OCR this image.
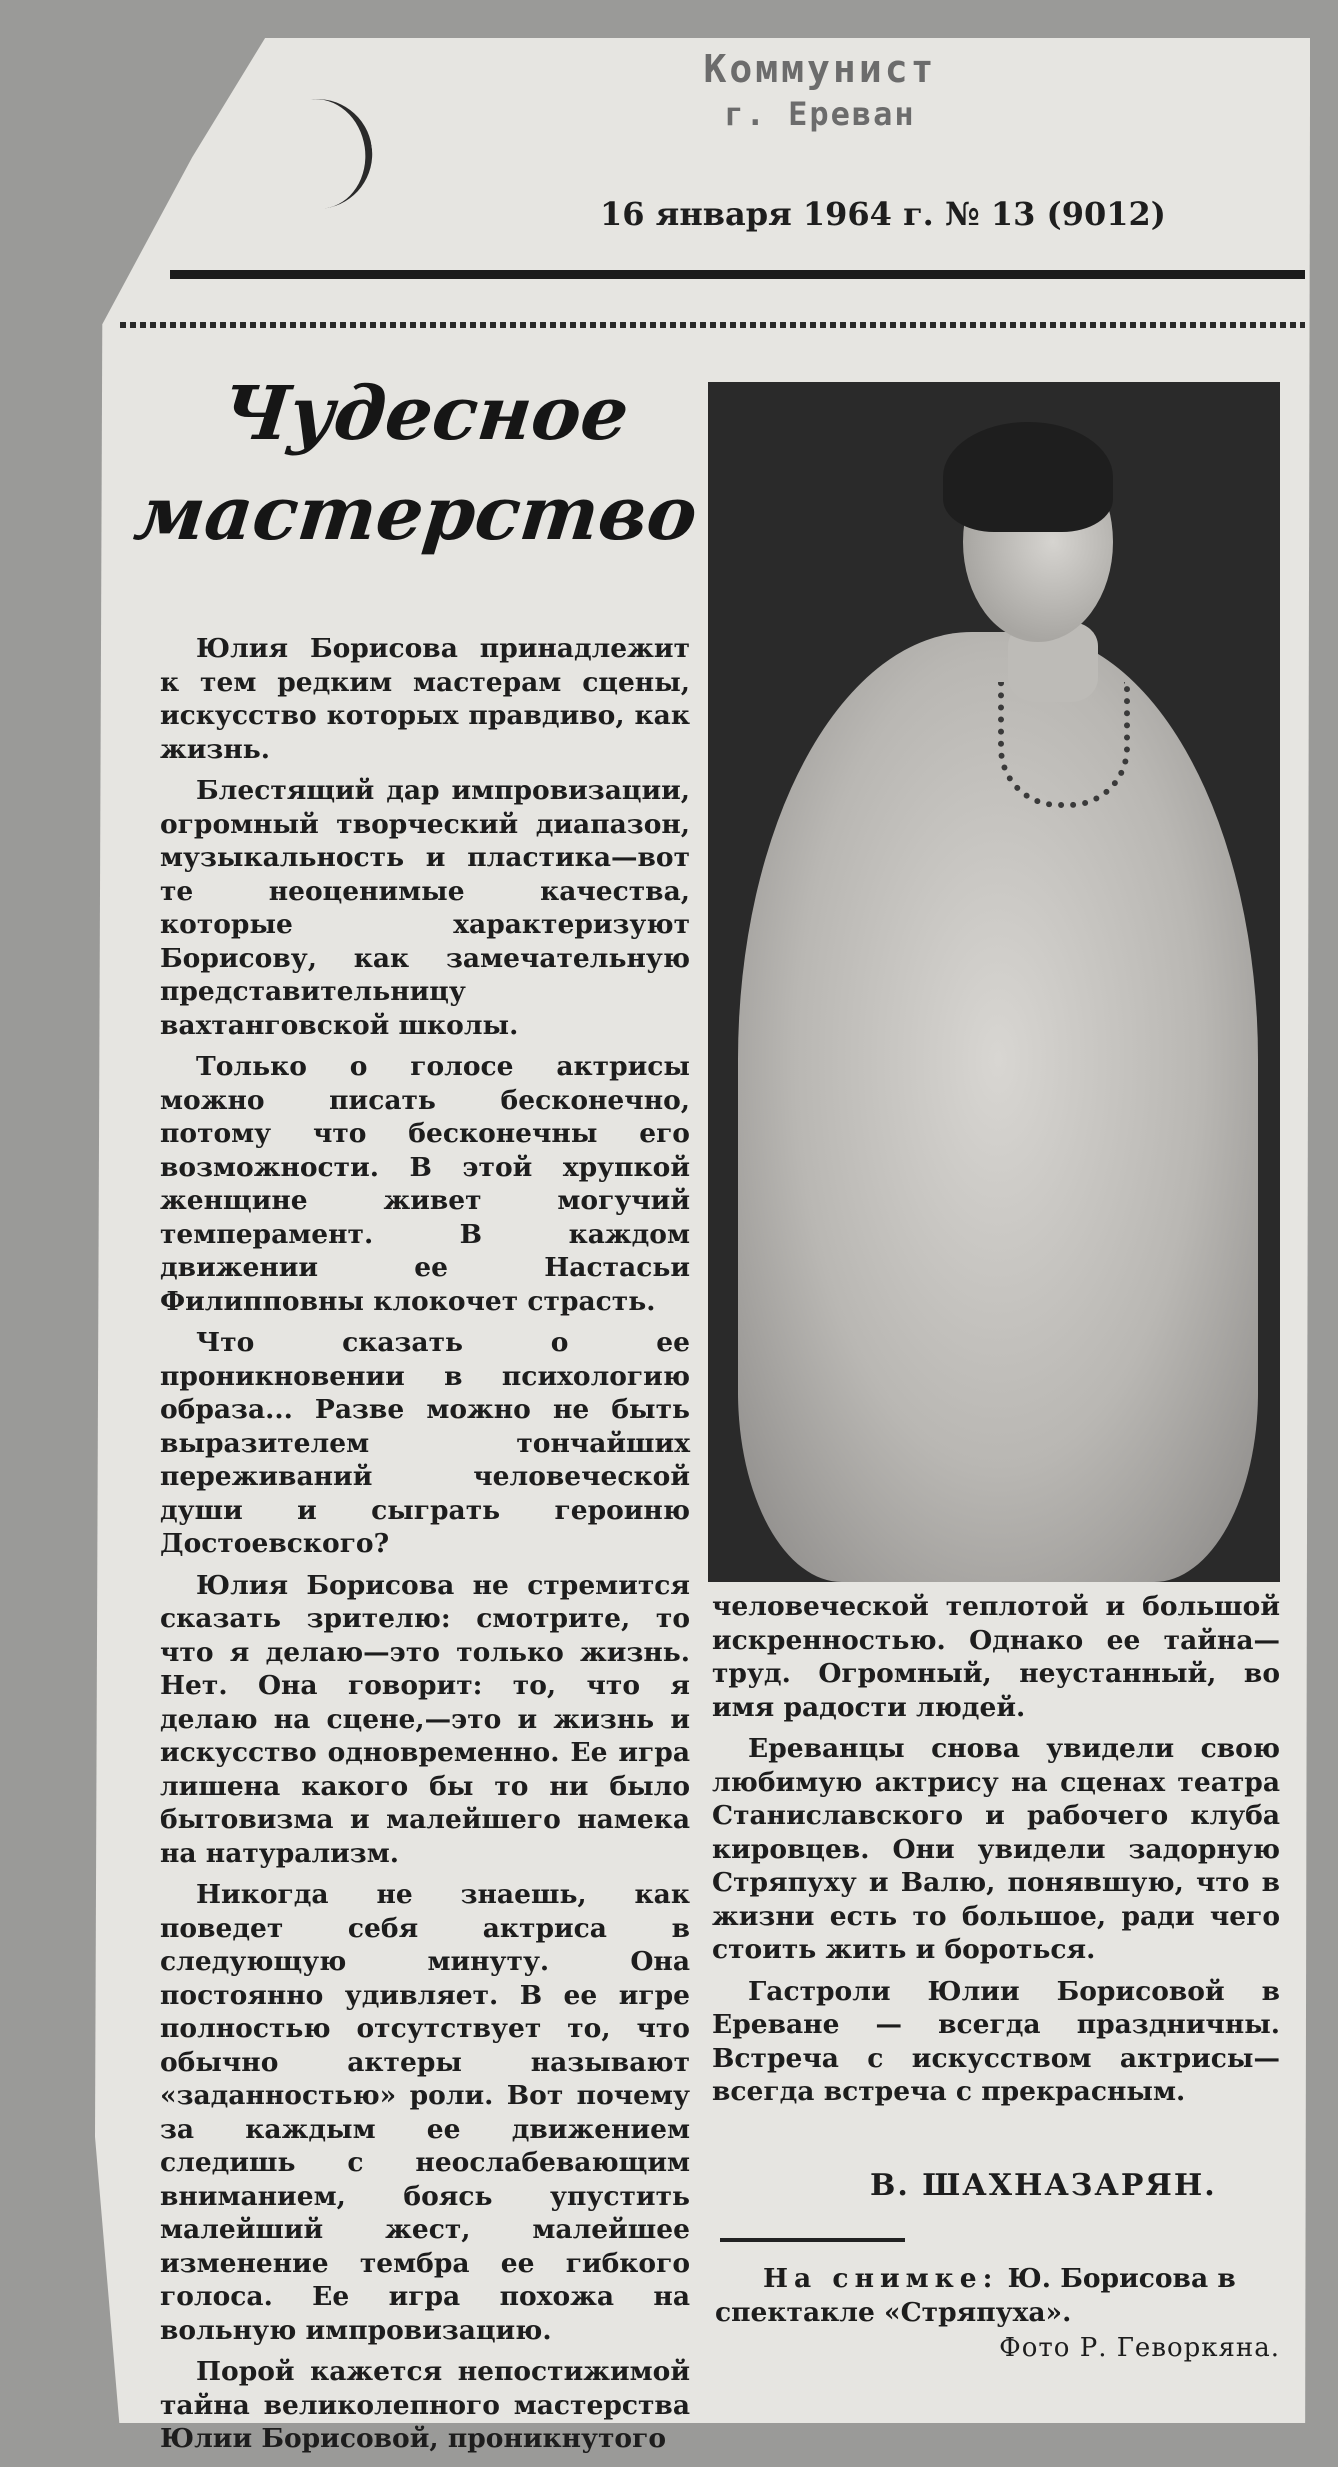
Коммунист
г. Ереван
16 января 1964 г. № 13 (9012)
Чудесное
мастерство

Юлия Борисова принадлежит к тем редким мастерам сцены, искусство которых правдиво, как жизнь.

Блестящий дар импровизации, огромный творческий диапазон, музыкальность и пластика—вот те неоценимые качества, которые характеризуют Борисову, как замечательную представительницу вахтанговской школы.

Только о голосе актрисы можно писать бесконечно, потому что бесконечны его возможности. В этой хрупкой женщине живет могучий темперамент. В каждом движении ее Настасьи Филипповны клокочет страсть.

Что сказать о ее проникновении в психологию образа... Разве можно не быть выразителем тончайших переживаний человеческой души и сыграть героиню Достоевского?

Юлия Борисова не стремится сказать зрителю: смотрите, то что я делаю—это только жизнь. Нет. Она говорит: то, что я делаю на сцене,—это и жизнь и искусство одновременно. Ее игра лишена какого бы то ни было бытовизма и малейшего намека на натурализм.

Никогда не знаешь, как поведет себя актриса в следующую минуту. Она постоянно удивляет. В ее игре полностью отсутствует то, что обычно актеры называют «заданностью» роли. Вот почему за каждым ее движением следишь с неослабевающим вниманием, боясь упустить малейший жест, малейшее изменение тембра ее гибкого голоса. Ее игра похожа на вольную импровизацию.

Порой кажется непостижимой тайна великолепного мастерства Юлии Борисовой, проникнутого

человеческой теплотой и большой искренностью. Однако ее тайна—труд. Огромный, неустанный, во имя радости людей.

Ереванцы снова увидели свою любимую актрису на сценах театра Станиславского и рабочего клуба кировцев. Они увидели задорную Стряпуху и Валю, понявшую, что в жизни есть то большое, ради чего стоить жить и бороться.

Гастроли Юлии Борисовой в Ереване — всегда праздничны. Встреча с искусством актрисы—всегда встреча с прекрасным.

В. ШАХНАЗАРЯН.
На снимке: Ю. Борисова в спектакле «Стряпуха».
Фото Р. Геворкяна.
